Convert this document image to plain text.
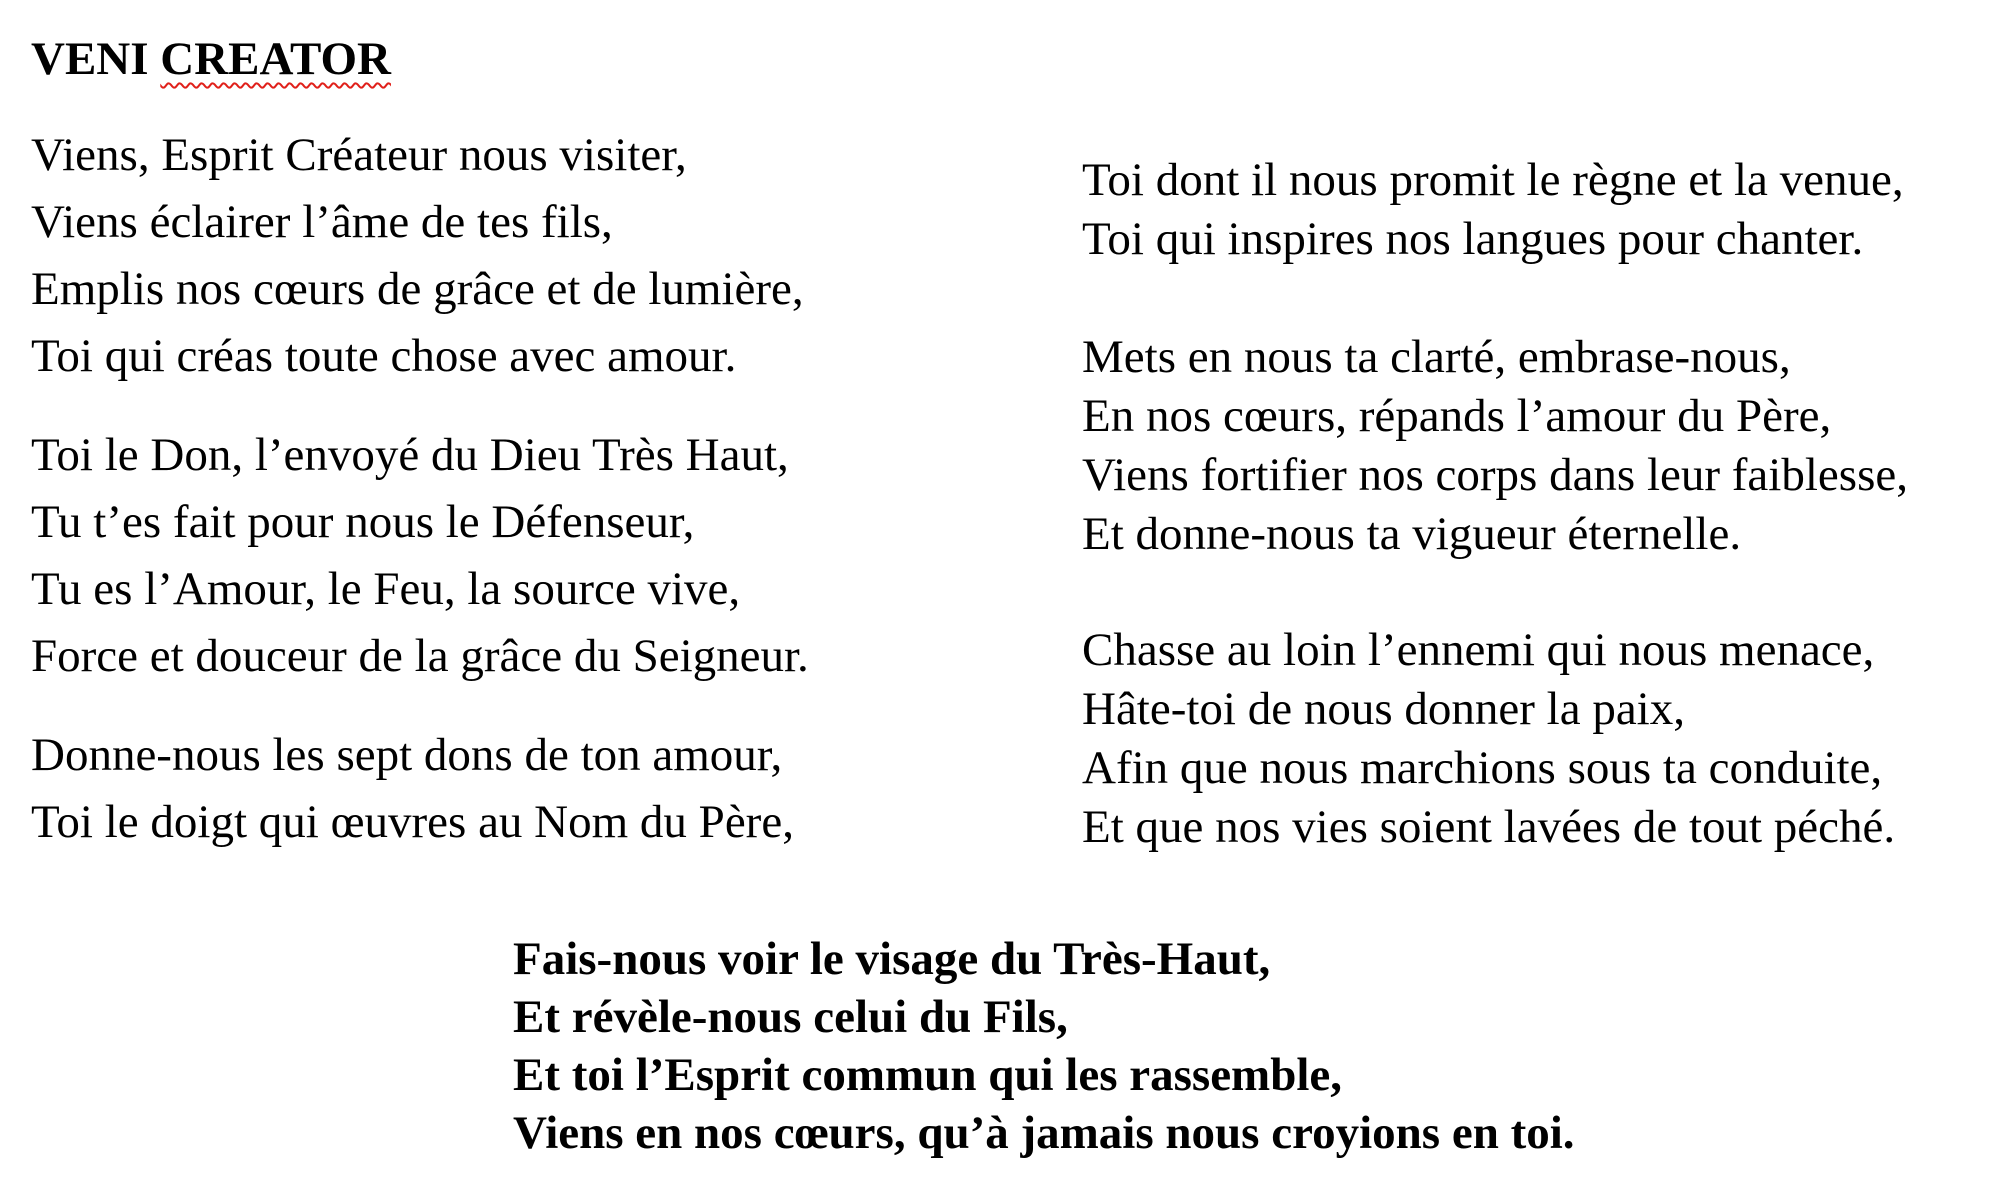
VENI CREATOR
Viens, Esprit Créateur nous visiter,
Viens éclairer l’âme de tes fils,
Emplis nos cœurs de grâce et de lumière,
Toi qui créas toute chose avec amour.
Toi le Don, l’envoyé du Dieu Très Haut,
Tu t’es fait pour nous le Défenseur,
Tu es l’Amour, le Feu, la source vive,
Force et douceur de la grâce du Seigneur.
Donne-nous les sept dons de ton amour,
Toi le doigt qui œuvres au Nom du Père,
Toi dont il nous promit le règne et la venue,
Toi qui inspires nos langues pour chanter.
Mets en nous ta clarté, embrase-nous,
En nos cœurs, répands l’amour du Père,
Viens fortifier nos corps dans leur faiblesse,
Et donne-nous ta vigueur éternelle.
Chasse au loin l’ennemi qui nous menace,
Hâte-toi de nous donner la paix,
Afin que nous marchions sous ta conduite,
Et que nos vies soient lavées de tout péché.
Fais-nous voir le visage du Très-Haut,
Et révèle-nous celui du Fils,
Et toi l’Esprit commun qui les rassemble,
Viens en nos cœurs, qu’à jamais nous croyions en toi.
